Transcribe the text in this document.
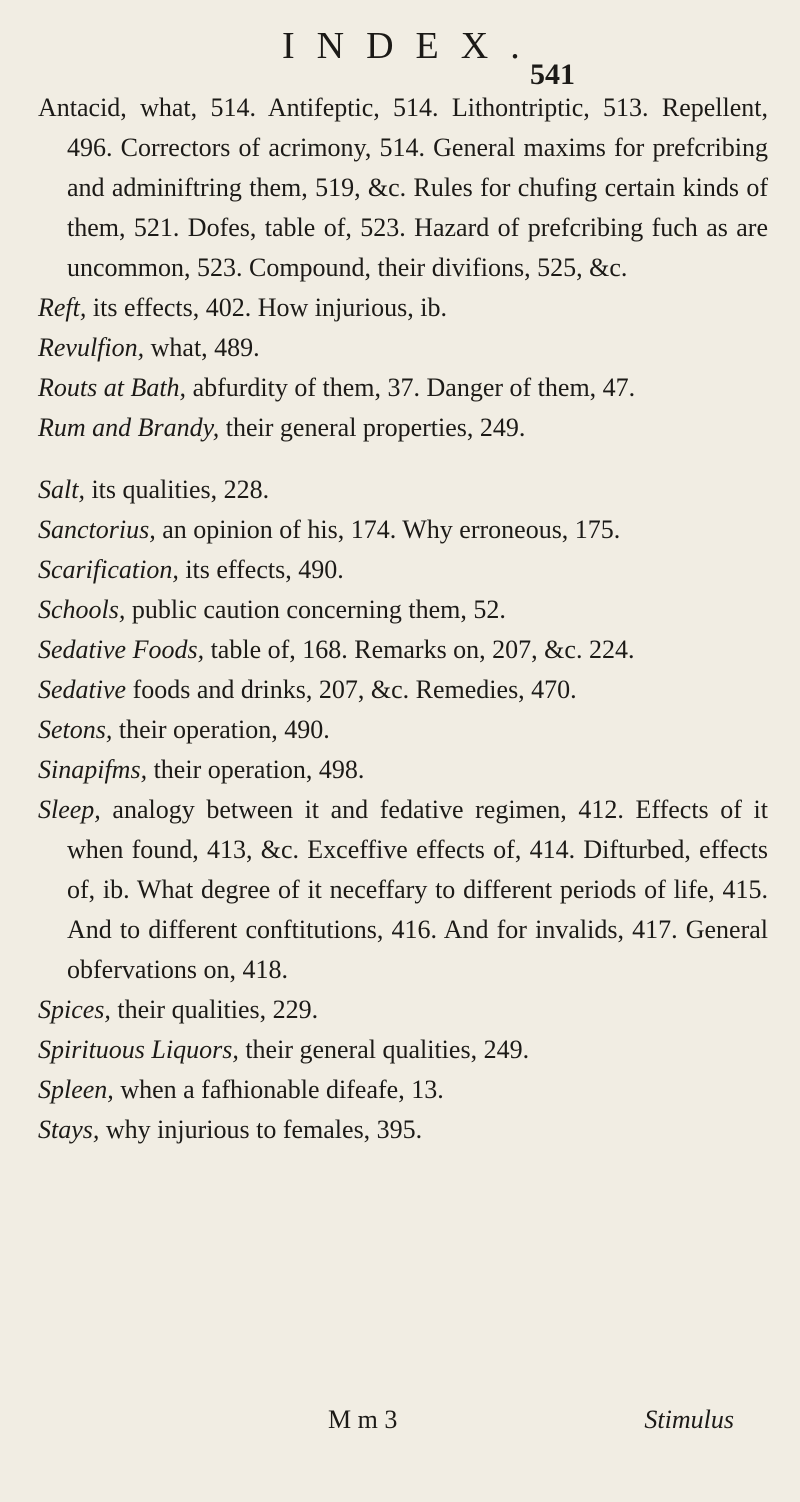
INDEX.
541
Antacid, what, 514. Antifeptic, 514. Lithontriptic, 513. Repellent, 496. Correctors of acrimony, 514. General maxims for prefcribing and adminiftring them, 519, &c. Rules for chufing certain kinds of them, 521. Dofes, table of, 523. Hazard of prefcribing fuch as are uncommon, 523. Compound, their divifions, 525, &c.
Reft, its effects, 402. How injurious, ib.
Revulfion, what, 489.
Routs at Bath, abfurdity of them, 37. Danger of them, 47.
Rum and Brandy, their general properties, 249.
Salt, its qualities, 228.
Sanctorius, an opinion of his, 174. Why erroneous, 175.
Scarification, its effects, 490.
Schools, public caution concerning them, 52.
Sedative Foods, table of, 168. Remarks on, 207, &c. 224.
Sedative foods and drinks, 207, &c. Remedies, 470.
Setons, their operation, 490.
Sinapifms, their operation, 498.
Sleep, analogy between it and fedative regimen, 412. Effects of it when found, 413, &c. Exceffive effects of, 414. Difturbed, effects of, ib. What degree of it neceffary to different periods of life, 415. And to different conftitutions, 416. And for invalids, 417. General obfervations on, 418.
Spices, their qualities, 229.
Spirituous Liquors, their general qualities, 249.
Spleen, when a fafhionable difeafe, 13.
Stays, why injurious to females, 395.
M m 3	Stimulus
